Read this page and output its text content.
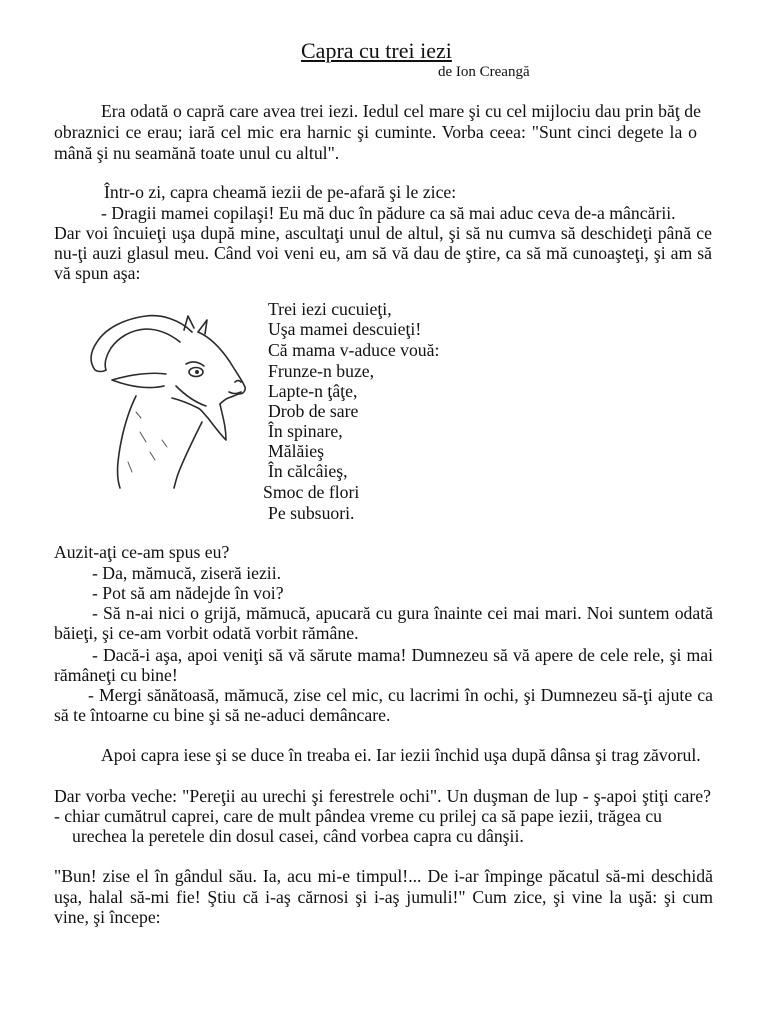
Capra cu trei iezi
de Ion Creangă
Era odată o capră care avea trei iezi. Iedul cel mare şi cu cel mijlociu dau prin băţ de
obraznici ce erau; iară cel mic era harnic şi cuminte. Vorba ceea: "Sunt cinci degete la o
mână şi nu seamănă toate unul cu altul".
Într-o zi, capra cheamă iezii de pe-afară şi le zice:
- Dragii mamei copilaşi! Eu mă duc în pădure ca să mai aduc ceva de-a mâncării.
Dar voi încuieţi uşa după mine, ascultaţi unul de altul, şi să nu cumva să deschideţi până ce
nu-ţi auzi glasul meu. Când voi veni eu, am să vă dau de ştire, ca să mă cunoaşteţi, şi am să
vă spun aşa:
Trei iezi cucuieţi,
Uşa mamei descuieţi!
Că mama v-aduce vouă:
Frunze-n buze,
Lapte-n ţâţe,
Drob de sare
În spinare,
Mălăieş
În călcâieş,
Smoc de flori
Pe subsuori.
Auzit-aţi ce-am spus eu?
- Da, mămucă, ziseră iezii.
- Pot să am nădejde în voi?
- Să n-ai nici o grijă, mămucă, apucară cu gura înainte cei mai mari. Noi suntem odată
băieţi, şi ce-am vorbit odată vorbit rămâne.
- Dacă-i aşa, apoi veniţi să vă sărute mama! Dumnezeu să vă apere de cele rele, şi mai
rămâneţi cu bine!
- Mergi sănătoasă, mămucă, zise cel mic, cu lacrimi în ochi, şi Dumnezeu să-ţi ajute ca
să te întoarne cu bine şi să ne-aduci demâncare.
Apoi capra iese şi se duce în treaba ei. Iar iezii închid uşa după dânsa şi trag zăvorul.
Dar vorba veche: "Pereţii au urechi şi ferestrele ochi". Un duşman de lup - ş-apoi ştiţi care?
- chiar cumătrul caprei, care de mult pândea vreme cu prilej ca să pape iezii, trăgea cu
urechea la peretele din dosul casei, când vorbea capra cu dânşii.
"Bun! zise el în gândul său. Ia, acu mi-e timpul!... De i-ar împinge păcatul să-mi deschidă
uşa, halal să-mi fie! Ştiu că i-aş cărnosi şi i-aş jumuli!" Cum zice, şi vine la uşă: şi cum
vine, şi începe:
